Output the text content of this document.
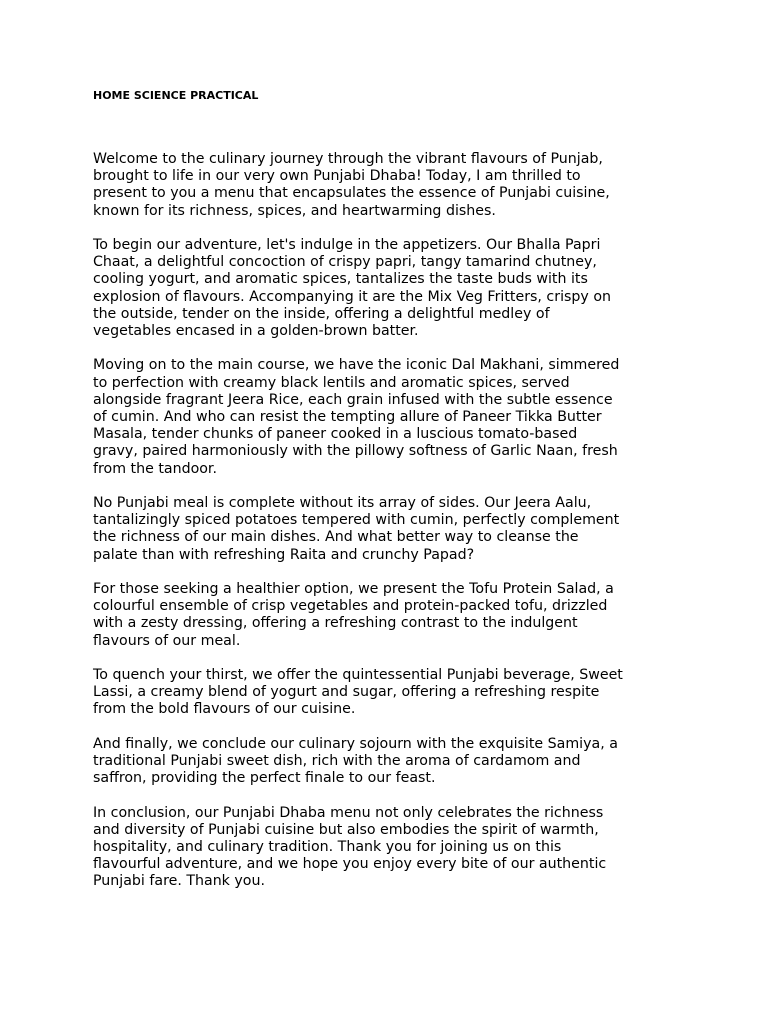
HOME SCIENCE PRACTICAL

Welcome to the culinary journey through the vibrant flavours of Punjab,
brought to life in our very own Punjabi Dhaba! Today, I am thrilled to
present to you a menu that encapsulates the essence of Punjabi cuisine,
known for its richness, spices, and heartwarming dishes.

To begin our adventure, let's indulge in the appetizers. Our Bhalla Papri
Chaat, a delightful concoction of crispy papri, tangy tamarind chutney,
cooling yogurt, and aromatic spices, tantalizes the taste buds with its
explosion of flavours. Accompanying it are the Mix Veg Fritters, crispy on
the outside, tender on the inside, offering a delightful medley of
vegetables encased in a golden-brown batter.

Moving on to the main course, we have the iconic Dal Makhani, simmered
to perfection with creamy black lentils and aromatic spices, served
alongside fragrant Jeera Rice, each grain infused with the subtle essence
of cumin. And who can resist the tempting allure of Paneer Tikka Butter
Masala, tender chunks of paneer cooked in a luscious tomato-based
gravy, paired harmoniously with the pillowy softness of Garlic Naan, fresh
from the tandoor.

No Punjabi meal is complete without its array of sides. Our Jeera Aalu,
tantalizingly spiced potatoes tempered with cumin, perfectly complement
the richness of our main dishes. And what better way to cleanse the
palate than with refreshing Raita and crunchy Papad?

For those seeking a healthier option, we present the Tofu Protein Salad, a
colourful ensemble of crisp vegetables and protein-packed tofu, drizzled
with a zesty dressing, offering a refreshing contrast to the indulgent
flavours of our meal.

To quench your thirst, we offer the quintessential Punjabi beverage, Sweet
Lassi, a creamy blend of yogurt and sugar, offering a refreshing respite
from the bold flavours of our cuisine.

And finally, we conclude our culinary sojourn with the exquisite Samiya, a
traditional Punjabi sweet dish, rich with the aroma of cardamom and
saffron, providing the perfect finale to our feast.

In conclusion, our Punjabi Dhaba menu not only celebrates the richness
and diversity of Punjabi cuisine but also embodies the spirit of warmth,
hospitality, and culinary tradition. Thank you for joining us on this
flavourful adventure, and we hope you enjoy every bite of our authentic
Punjabi fare. Thank you.
